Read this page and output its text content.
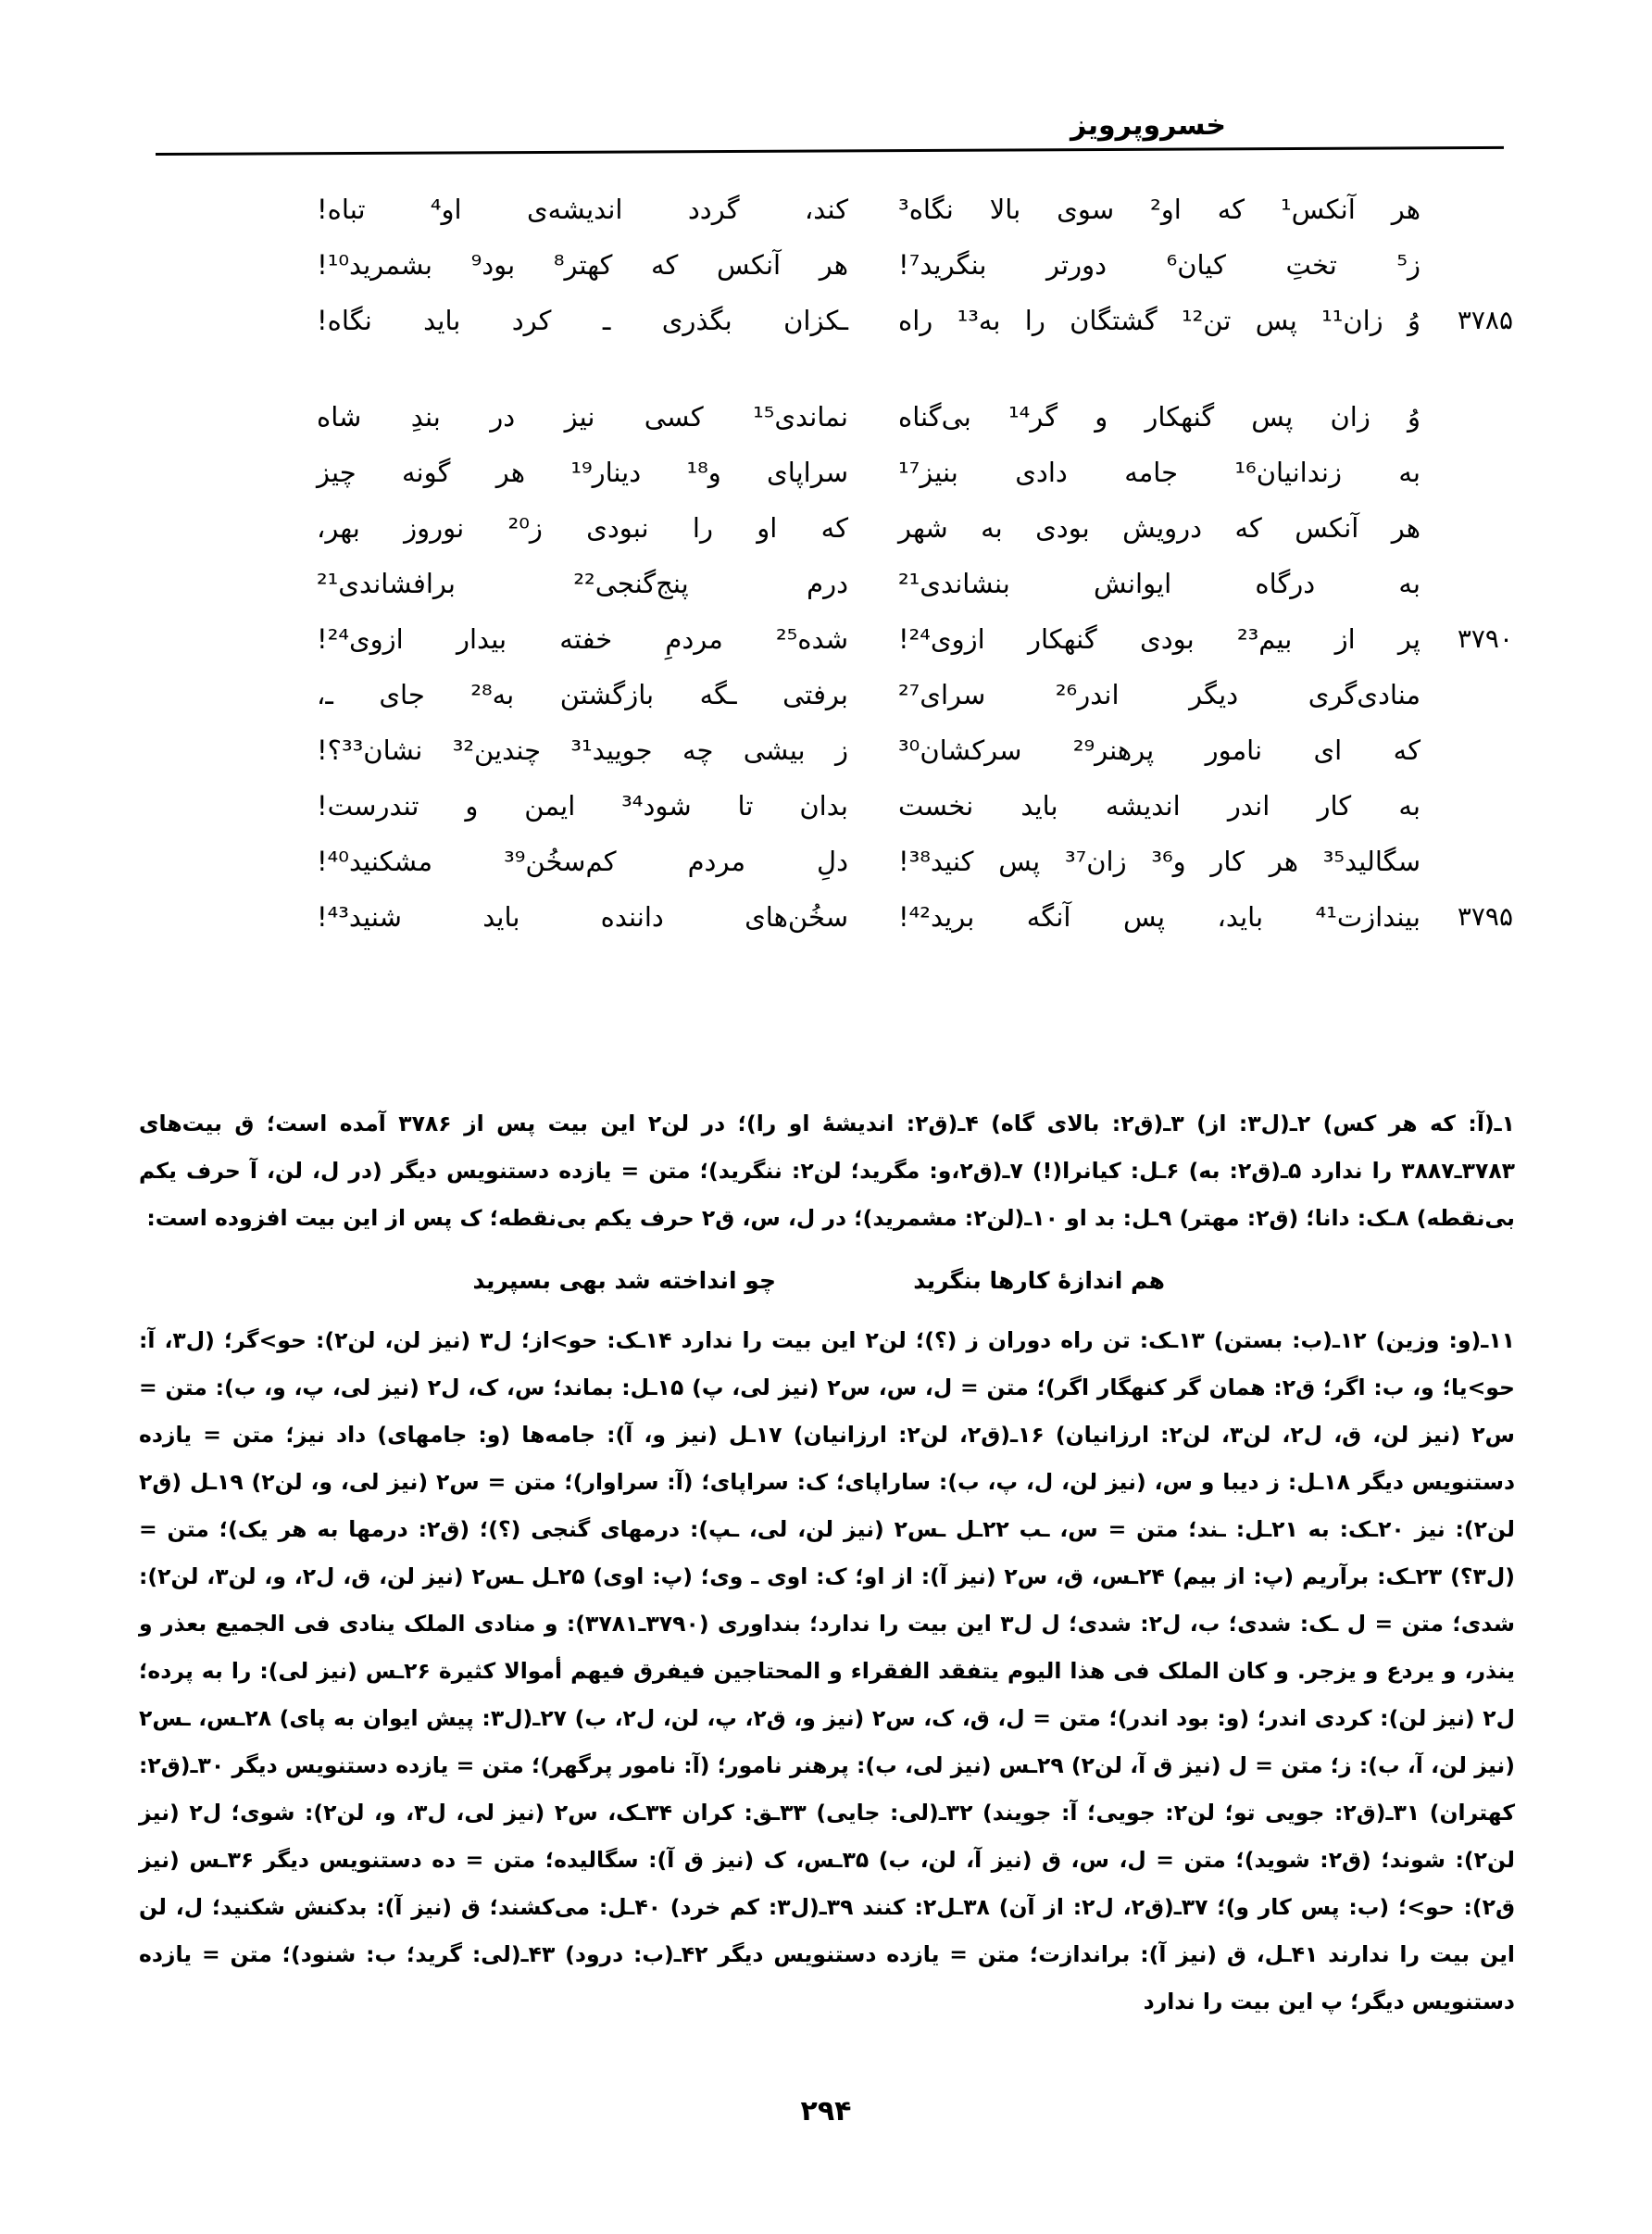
خسروپرویز
هر
آنکس¹
که
او²
سوی
بالا
نگاه³
کند،
گردد
اندیشه‌ی
او⁴
تباه!
ز⁵
تختِ
کیان⁶
دورتر
بنگرید⁷!
هر
آنکس
که
کهتر⁸
بود⁹
بشمرید¹⁰!
۳۷۸۵
وُ
زان¹¹
پس
تن¹²
گشتگان
را
به¹³
راه
ـکزان
بگذری
ـ
کرد
باید
نگاه!
وُ
زان
پس
گنهکار
و
گر¹⁴
بی‌گناه
نماندی¹⁵
کسی
نیز
در
بندِ
شاه
به
زندانیان¹⁶
جامه
دادی
بنیز¹⁷
سراپای
و¹⁸
دینار¹⁹
هر
گونه
چیز
هر
آنکس
که
درویش
بودی
به
شهر
که
او
را
نبودی
ز²⁰
نوروز
بهر،
به
درگاه
ایوانش
بنشاندی²¹
درم
پنج‌گنجی²²
برافشاندی²¹
۳۷۹۰
پر
از
بیم²³
بودی
گنهکار
ازوی²⁴!
شده²⁵
مردمِ
خفته
بیدار
ازوی²⁴!
منادی‌گری
دیگر
اندر²⁶
سرای²⁷
برفتی
ـگه
بازگشتن
به²⁸
جای
ـ،
که
ای
نامور
پرهنر²⁹
سرکشان³⁰
ز
بیشی
چه
جویید³¹
چندین³²
نشان³³؟!
به
کار
اندر
اندیشه
باید
نخست
بدان
تا
شود³⁴
ایمن
و
تندرست!
سگالید³⁵
هر
کار
و³⁶
زان³⁷
پس
کنید³⁸!
دلِ
مردم
کم‌سخُن³⁹
مشکنید⁴⁰!
۳۷۹۵
بیندازت⁴¹
باید،
پس
آنگه
برید⁴²!
سخُن‌های
داننده
باید
شنید⁴³!

۱ـ(آ: که هر کس) ۲ـ(ل۳: از) ۳ـ(ق۲: بالای گاه) ۴ـ(ق۲: اندیشهٔ او را)؛ در لن۲ این بیت پس از ۳۷۸۶ آمده است؛ ق بیت‌های ۳۷۸۳ـ۳۸۸۷ را ندارد ۵ـ(ق۲: به) ۶ـل: کیانرا(!) ۷ـ(ق۲،و: مگرید؛ لن۲: ننگرید)؛ متن = یازده دستنویس دیگر (در ل، لن، آ حرف یکم بی‌نقطه) ۸ـک: دانا؛ (ق۲: مهتر) ۹ـل: بد او ۱۰ـ(لن۲: مشمرید)؛ در ل، س، ق۲ حرف یکم بی‌نقطه؛ ک پس از این بیت افزوده است:

هم اندازهٔ کارها بنگرید
چو انداخته شد بهی بسپرید

۱۱ـ(و: وزین) ۱۲ـ(ب: بستن) ۱۳ـک: تن راه دوران ز (؟)؛ لن۲ این بیت را ندارد ۱۴ـک: حو>از؛ ل۳ (نیز لن، لن۲): حو>گر؛ (ل۳، آ: حو>یا؛ و، ب: اگر؛ ق۲: همان گر کنهگار اگر)؛ متن = ل، س، س۲ (نیز لی، پ) ۱۵ـل: بماند؛ س، ک، ل۲ (نیز لی، پ، و، ب): متن = س۲ (نیز لن، ق، ل۲، لن۳، لن۲: ارزانیان) ۱۶ـ(ق۲، لن۲: ارزانیان) ۱۷ـل (نیز و، آ): جامه‌ها (و: جامهای) داد نیز؛ متن = یازده دستنویس دیگر ۱۸ـل: ز دیبا و س، (نیز لن، ل، پ، ب): ساراپای؛ ک: سراپای؛ (آ: سراوار)؛ متن = س۲ (نیز لی، و، لن۲) ۱۹ـل (ق۲ لن۲): نیز ۲۰ـک: به ۲۱ـل: ـند؛ متن = س، ـب ۲۲ـل ـس۲ (نیز لن، لی، ـپ): درمهای گنجی (؟)؛ (ق۲: درمها به هر یک)؛ متن = (ل۳؟) ۲۳ـک: برآریم (پ: از بیم) ۲۴ـس، ق، س۲ (نیز آ): از او؛ ک: اوی ـ وی؛ (پ: اوی) ۲۵ـل ـس۲ (نیز لن، ق، ل۲، و، لن۳، لن۲): شدی؛ متن = ل ـک: شدی؛ ب، ل۲: شدی؛ ل ل۳ این بیت را ندارد؛ بنداوری (۳۷۹۰ـ۳۷۸۱): و منادی الملک ینادی فی الجمیع بعذر و ینذر، و یردع و یزجر. و کان الملک فی هذا الیوم یتفقد الفقراء و المحتاجین فیفرق فیهم أموالا کثیرة ۲۶ـس (نیز لی): را به پرده؛ ل۲ (نیز لن): کردی اندر؛ (و: بود اندر)؛ متن = ل، ق، ک، س۲ (نیز و، ق۲، پ، لن، ل۲، ب) ۲۷ـ(ل۳: پیش ایوان به پای) ۲۸ـس، ـس۲ (نیز لن، آ، ب): ز؛ متن = ل (نیز ق آ، لن۲) ۲۹ـس (نیز لی، ب): پرهنر نامور؛ (آ: نامور پرگهر)؛ متن = یازده دستنویس دیگر ۳۰ـ(ق۲: کهتران) ۳۱ـ(ق۲: جویی تو؛ لن۲: جویی؛ آ: جویند) ۳۲ـ(لی: جایی) ۳۳ـق: کران ۳۴ـک، س۲ (نیز لی، ل۳، و، لن۲): شوی؛ ل۲ (نیز لن۲): شوند؛ (ق۲: شوید)؛ متن = ل، س، ق (نیز آ، لن، ب) ۳۵ـس، ک (نیز ق آ): سگالیده؛ متن = ده دستنویس دیگر ۳۶ـس (نیز ق۲): حو>؛ (ب: پس کار و)؛ ۳۷ـ(ق۲، ل۲: از آن) ۳۸ـل۲: کنند ۳۹ـ(ل۳: کم خرد) ۴۰ـل: می‌کشند؛ ق (نیز آ): بدکنش شکنید؛ ل، لن این بیت را ندارند ۴۱ـل، ق (نیز آ): براندازت؛ متن = یازده دستنویس دیگر ۴۲ـ(ب: درود) ۴۳ـ(لی: گرید؛ ب: شنود)؛ متن = یازده دستنویس دیگر؛ پ این بیت را ندارد

۲۹۴
